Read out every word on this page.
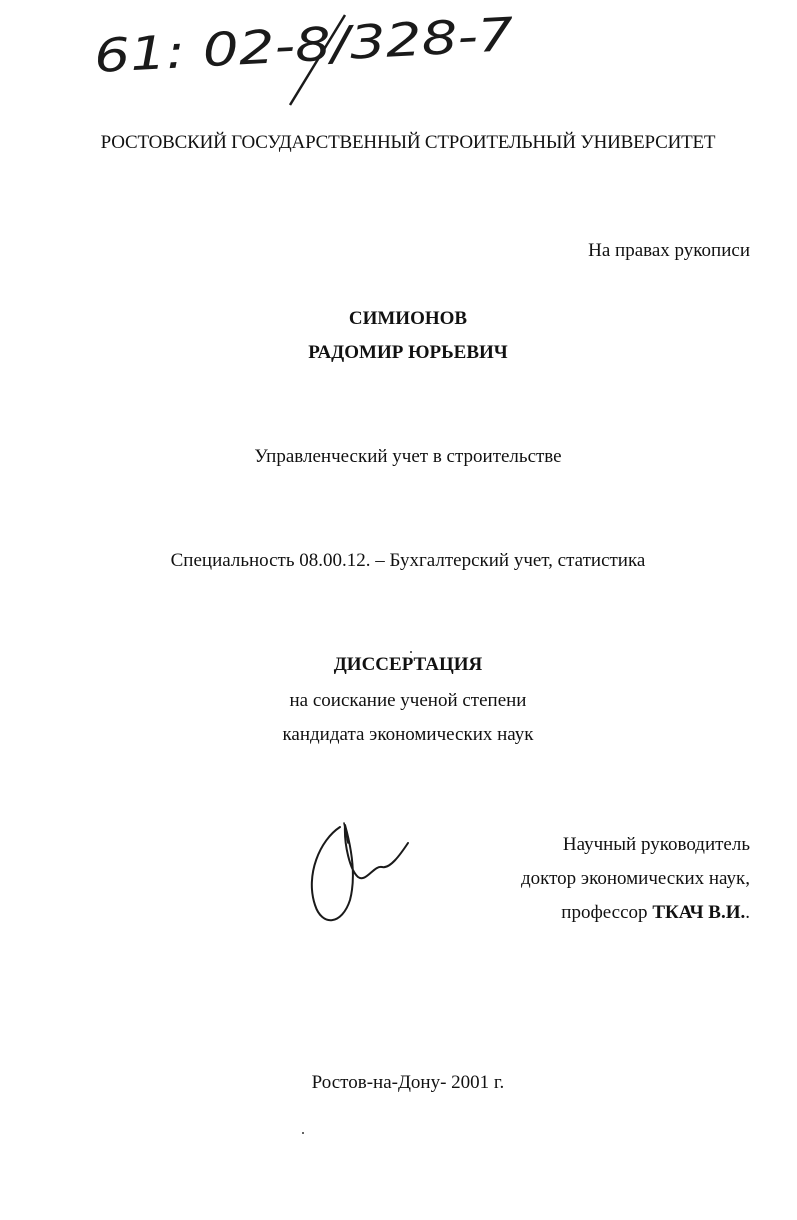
61: 02-8/328-7
РОСТОВСКИЙ ГОСУДАРСТВЕННЫЙ СТРОИТЕЛЬНЫЙ УНИВЕРСИТЕТ
На правах рукописи
СИМИОНОВ
РАДОМИР ЮРЬЕВИЧ
Управленческий учет в строительстве
Специальность 08.00.12. – Бухгалтерский учет, статистика
ДИССЕРТАЦИЯ
на соискание ученой степени
кандидата экономических наук
Научный руководитель
доктор экономических наук,
профессор ТКАЧ В.И..
Ростов-на-Дону- 2001 г.
